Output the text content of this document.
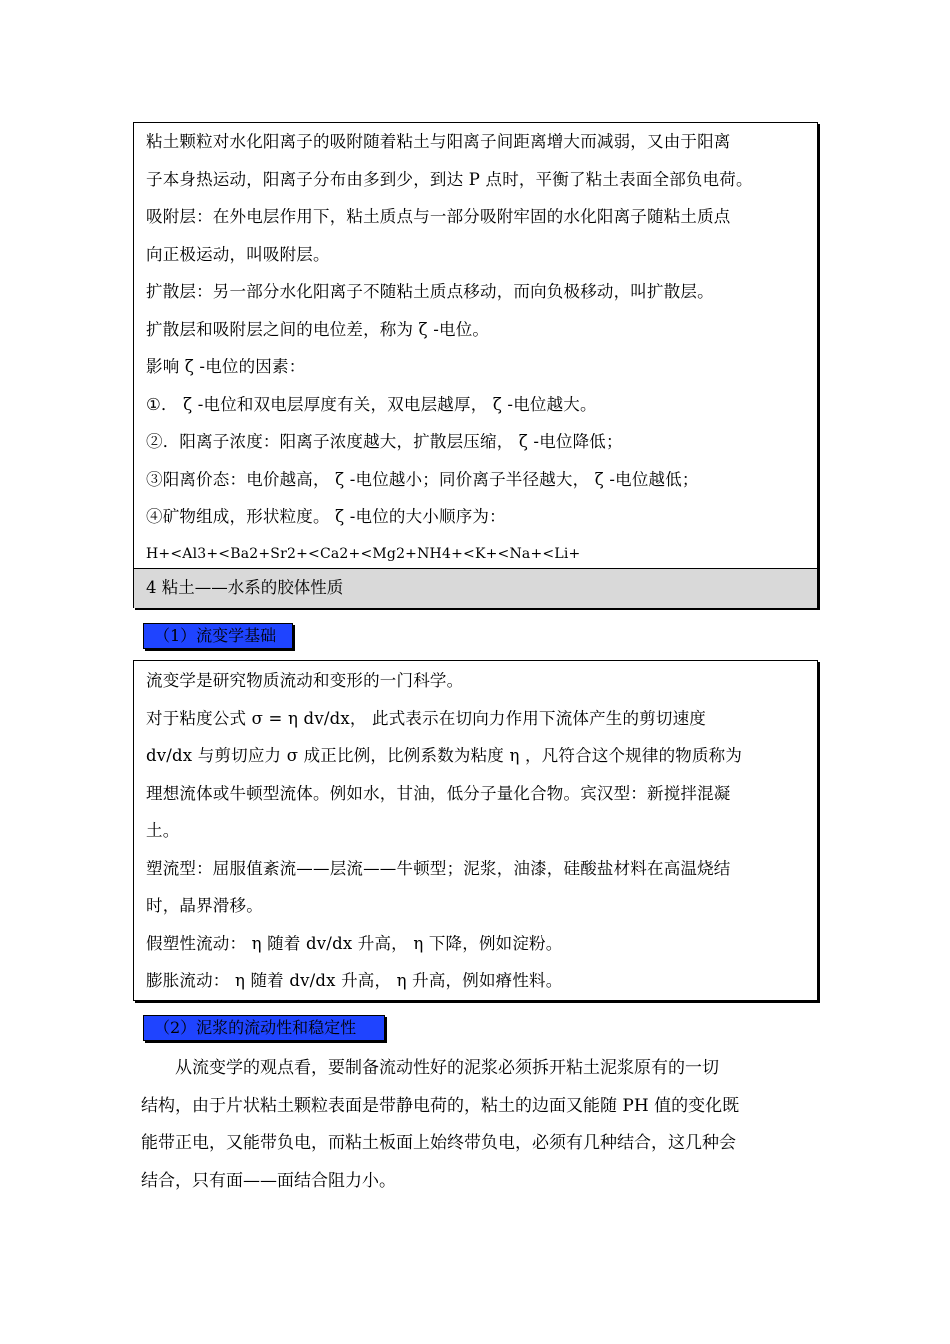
粘土颗粒对水化阳离子的吸附随着粘土与阳离子间距离增大而减弱，又由于阳离
子本身热运动，阳离子分布由多到少，到达 P 点时，平衡了粘土表面全部负电荷。
吸附层：在外电层作用下，粘土质点与一部分吸附牢固的水化阳离子随粘土质点
向正极运动，叫吸附层。
扩散层：另一部分水化阳离子不随粘土质点移动，而向负极移动，叫扩散层。
扩散层和吸附层之间的电位差，称为 ζ -电位。
影响 ζ -电位的因素：
①． ζ -电位和双电层厚度有关，双电层越厚， ζ -电位越大。
②．阳离子浓度：阳离子浓度越大，扩散层压缩， ζ -电位降低；
③阳离价态：电价越高， ζ -电位越小；同价离子半径越大， ζ -电位越低；
④矿物组成，形状粒度。 ζ -电位的大小顺序为：
H+<Al3+<Ba2+Sr2+<Ca2+<Mg2+NH4+<K+<Na+<Li+
4 粘土——水系的胶体性质
（1）流变学基础
流变学是研究物质流动和变形的一门科学。
对于粘度公式 σ = η dv/dx， 此式表示在切向力作用下流体产生的剪切速度
dv/dx 与剪切应力 σ 成正比例，比例系数为粘度 η ，凡符合这个规律的物质称为
理想流体或牛顿型流体。例如水，甘油，低分子量化合物。宾汉型：新搅拌混凝
土。
塑流型：屈服值紊流——层流——牛顿型；泥浆，油漆，硅酸盐材料在高温烧结
时，晶界滑移。
假塑性流动： η 随着 dv/dx 升高， η 下降，例如淀粉。
膨胀流动： η 随着 dv/dx 升高， η 升高，例如瘠性料。
（2）泥浆的流动性和稳定性
　　从流变学的观点看，要制备流动性好的泥浆必须拆开粘土泥浆原有的一切
结构，由于片状粘土颗粒表面是带静电荷的，粘土的边面又能随 PH 值的变化既
能带正电，又能带负电，而粘土板面上始终带负电，必须有几种结合，这几种会
结合，只有面——面结合阻力小。
